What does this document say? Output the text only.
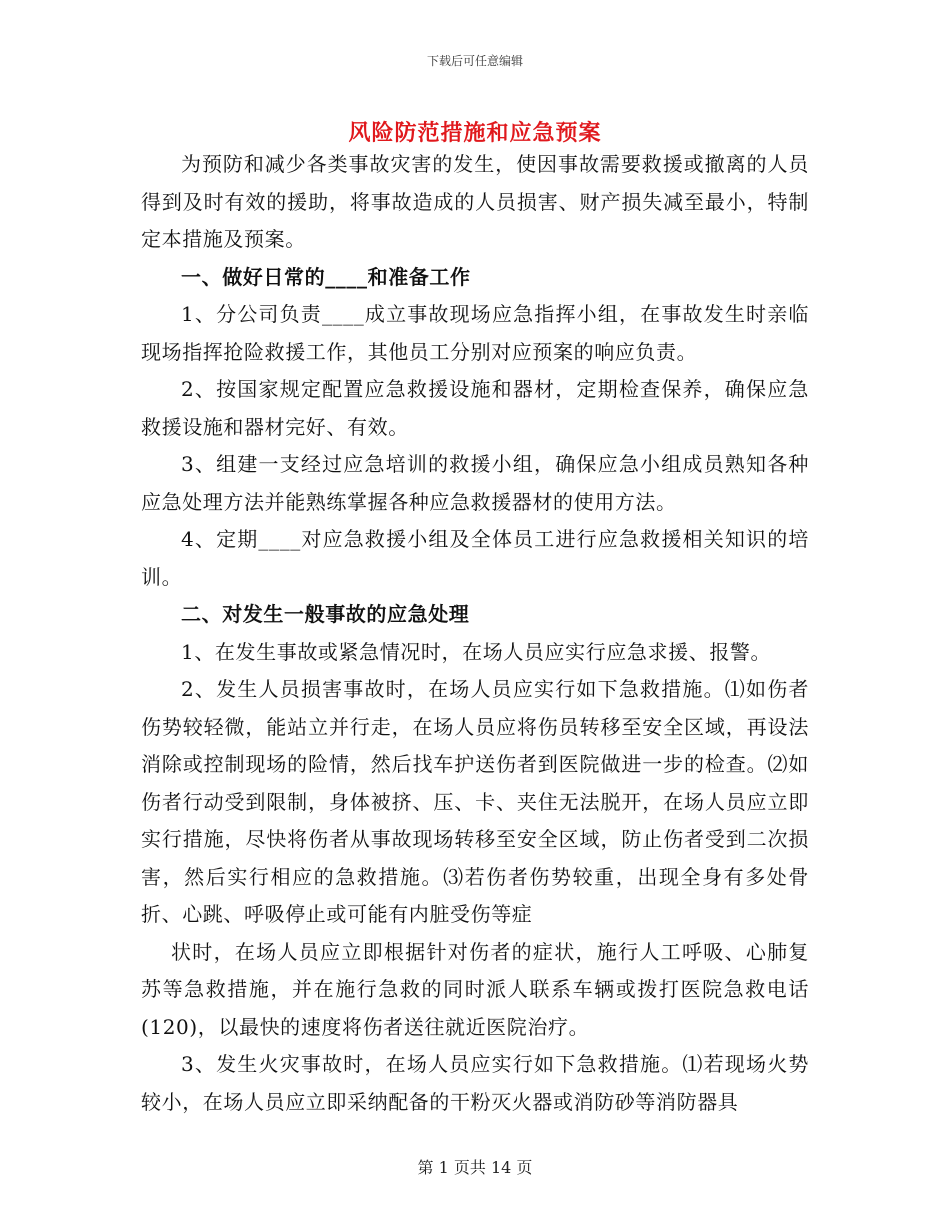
下载后可任意编辑
风险防范措施和应急预案

为预防和减少各类事故灾害的发生，使因事故需要救援或撤离的人员得到及时有效的援助，将事故造成的人员损害、财产损失减至最小，特制定本措施及预案。

一、做好日常的____和准备工作

1、分公司负责____成立事故现场应急指挥小组，在事故发生时亲临现场指挥抢险救援工作，其他员工分别对应预案的响应负责。

2、按国家规定配置应急救援设施和器材，定期检查保养，确保应急救援设施和器材完好、有效。

3、组建一支经过应急培训的救援小组，确保应急小组成员熟知各种应急处理方法并能熟练掌握各种应急救援器材的使用方法。

4、定期____对应急救援小组及全体员工进行应急救援相关知识的培训。

二、对发生一般事故的应急处理

1、在发生事故或紧急情况时，在场人员应实行应急求援、报警。

2、发生人员损害事故时，在场人员应实行如下急救措施。⑴如伤者伤势较轻微，能站立并行走，在场人员应将伤员转移至安全区域，再设法消除或控制现场的险情，然后找车护送伤者到医院做进一步的检查。⑵如伤者行动受到限制，身体被挤、压、卡、夹住无法脱开，在场人员应立即实行措施，尽快将伤者从事故现场转移至安全区域，防止伤者受到二次损害，然后实行相应的急救措施。⑶若伤者伤势较重，出现全身有多处骨折、心跳、呼吸停止或可能有内脏受伤等症

状时，在场人员应立即根据针对伤者的症状，施行人工呼吸、心肺复苏等急救措施，并在施行急救的同时派人联系车辆或拨打医院急救电话(120)，以最快的速度将伤者送往就近医院治疗。

3、发生火灾事故时，在场人员应实行如下急救措施。⑴若现场火势较小，在场人员应立即采纳配备的干粉灭火器或消防砂等消防器具

第 1 页共 14 页
